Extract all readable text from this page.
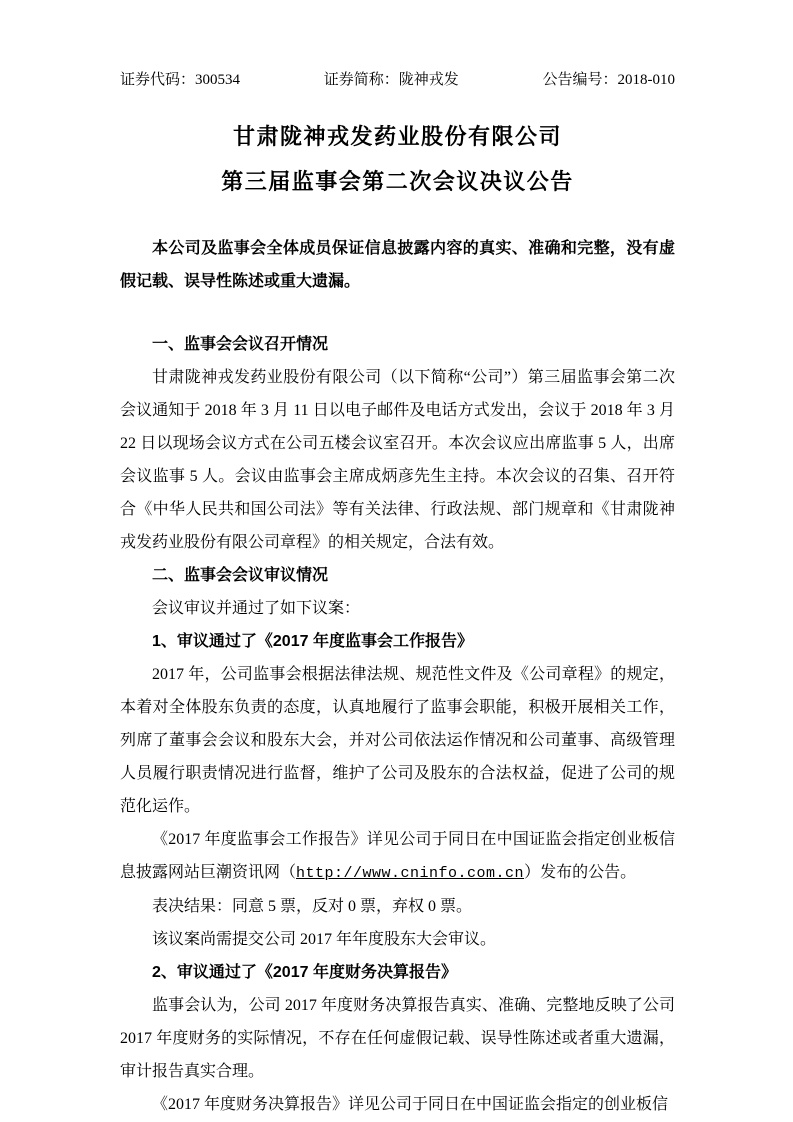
证券代码：300534	证券简称：陇神戎发	公告编号：2018-010
甘肃陇神戎发药业股份有限公司
第三届监事会第二次会议决议公告

本公司及监事会全体成员保证信息披露内容的真实、准确和完整，没有虚假记载、误导性陈述或重大遗漏。

一、监事会会议召开情况

甘肃陇神戎发药业股份有限公司（以下简称“公司”）第三届监事会第二次会议通知于 2018 年 3 月 11 日以电子邮件及电话方式发出，会议于 2018 年 3 月 22 日以现场会议方式在公司五楼会议室召开。本次会议应出席监事 5 人，出席会议监事 5 人。会议由监事会主席成炳彦先生主持。本次会议的召集、召开符合《中华人民共和国公司法》等有关法律、行政法规、部门规章和《甘肃陇神戎发药业股份有限公司章程》的相关规定，合法有效。

二、监事会会议审议情况

会议审议并通过了如下议案：

1、审议通过了《2017 年度监事会工作报告》

2017 年，公司监事会根据法律法规、规范性文件及《公司章程》的规定， 本着对全体股东负责的态度，认真地履行了监事会职能，积极开展相关工作，列席了董事会会议和股东大会，并对公司依法运作情况和公司董事、高级管理人员履行职责情况进行监督，维护了公司及股东的合法权益，促进了公司的规范化运作。

《2017 年度监事会工作报告》详见公司于同日在中国证监会指定创业板信息披露网站巨潮资讯网（http://www.cninfo.com.cn）发布的公告。

表决结果：同意 5 票，反对 0 票，弃权 0 票。

该议案尚需提交公司 2017 年年度股东大会审议。

2、审议通过了《2017 年度财务决算报告》

监事会认为，公司 2017 年度财务决算报告真实、准确、完整地反映了公司 2017 年度财务的实际情况，不存在任何虚假记载、误导性陈述或者重大遗漏， 审计报告真实合理。

《2017 年度财务决算报告》详见公司于同日在中国证监会指定的创业板信
